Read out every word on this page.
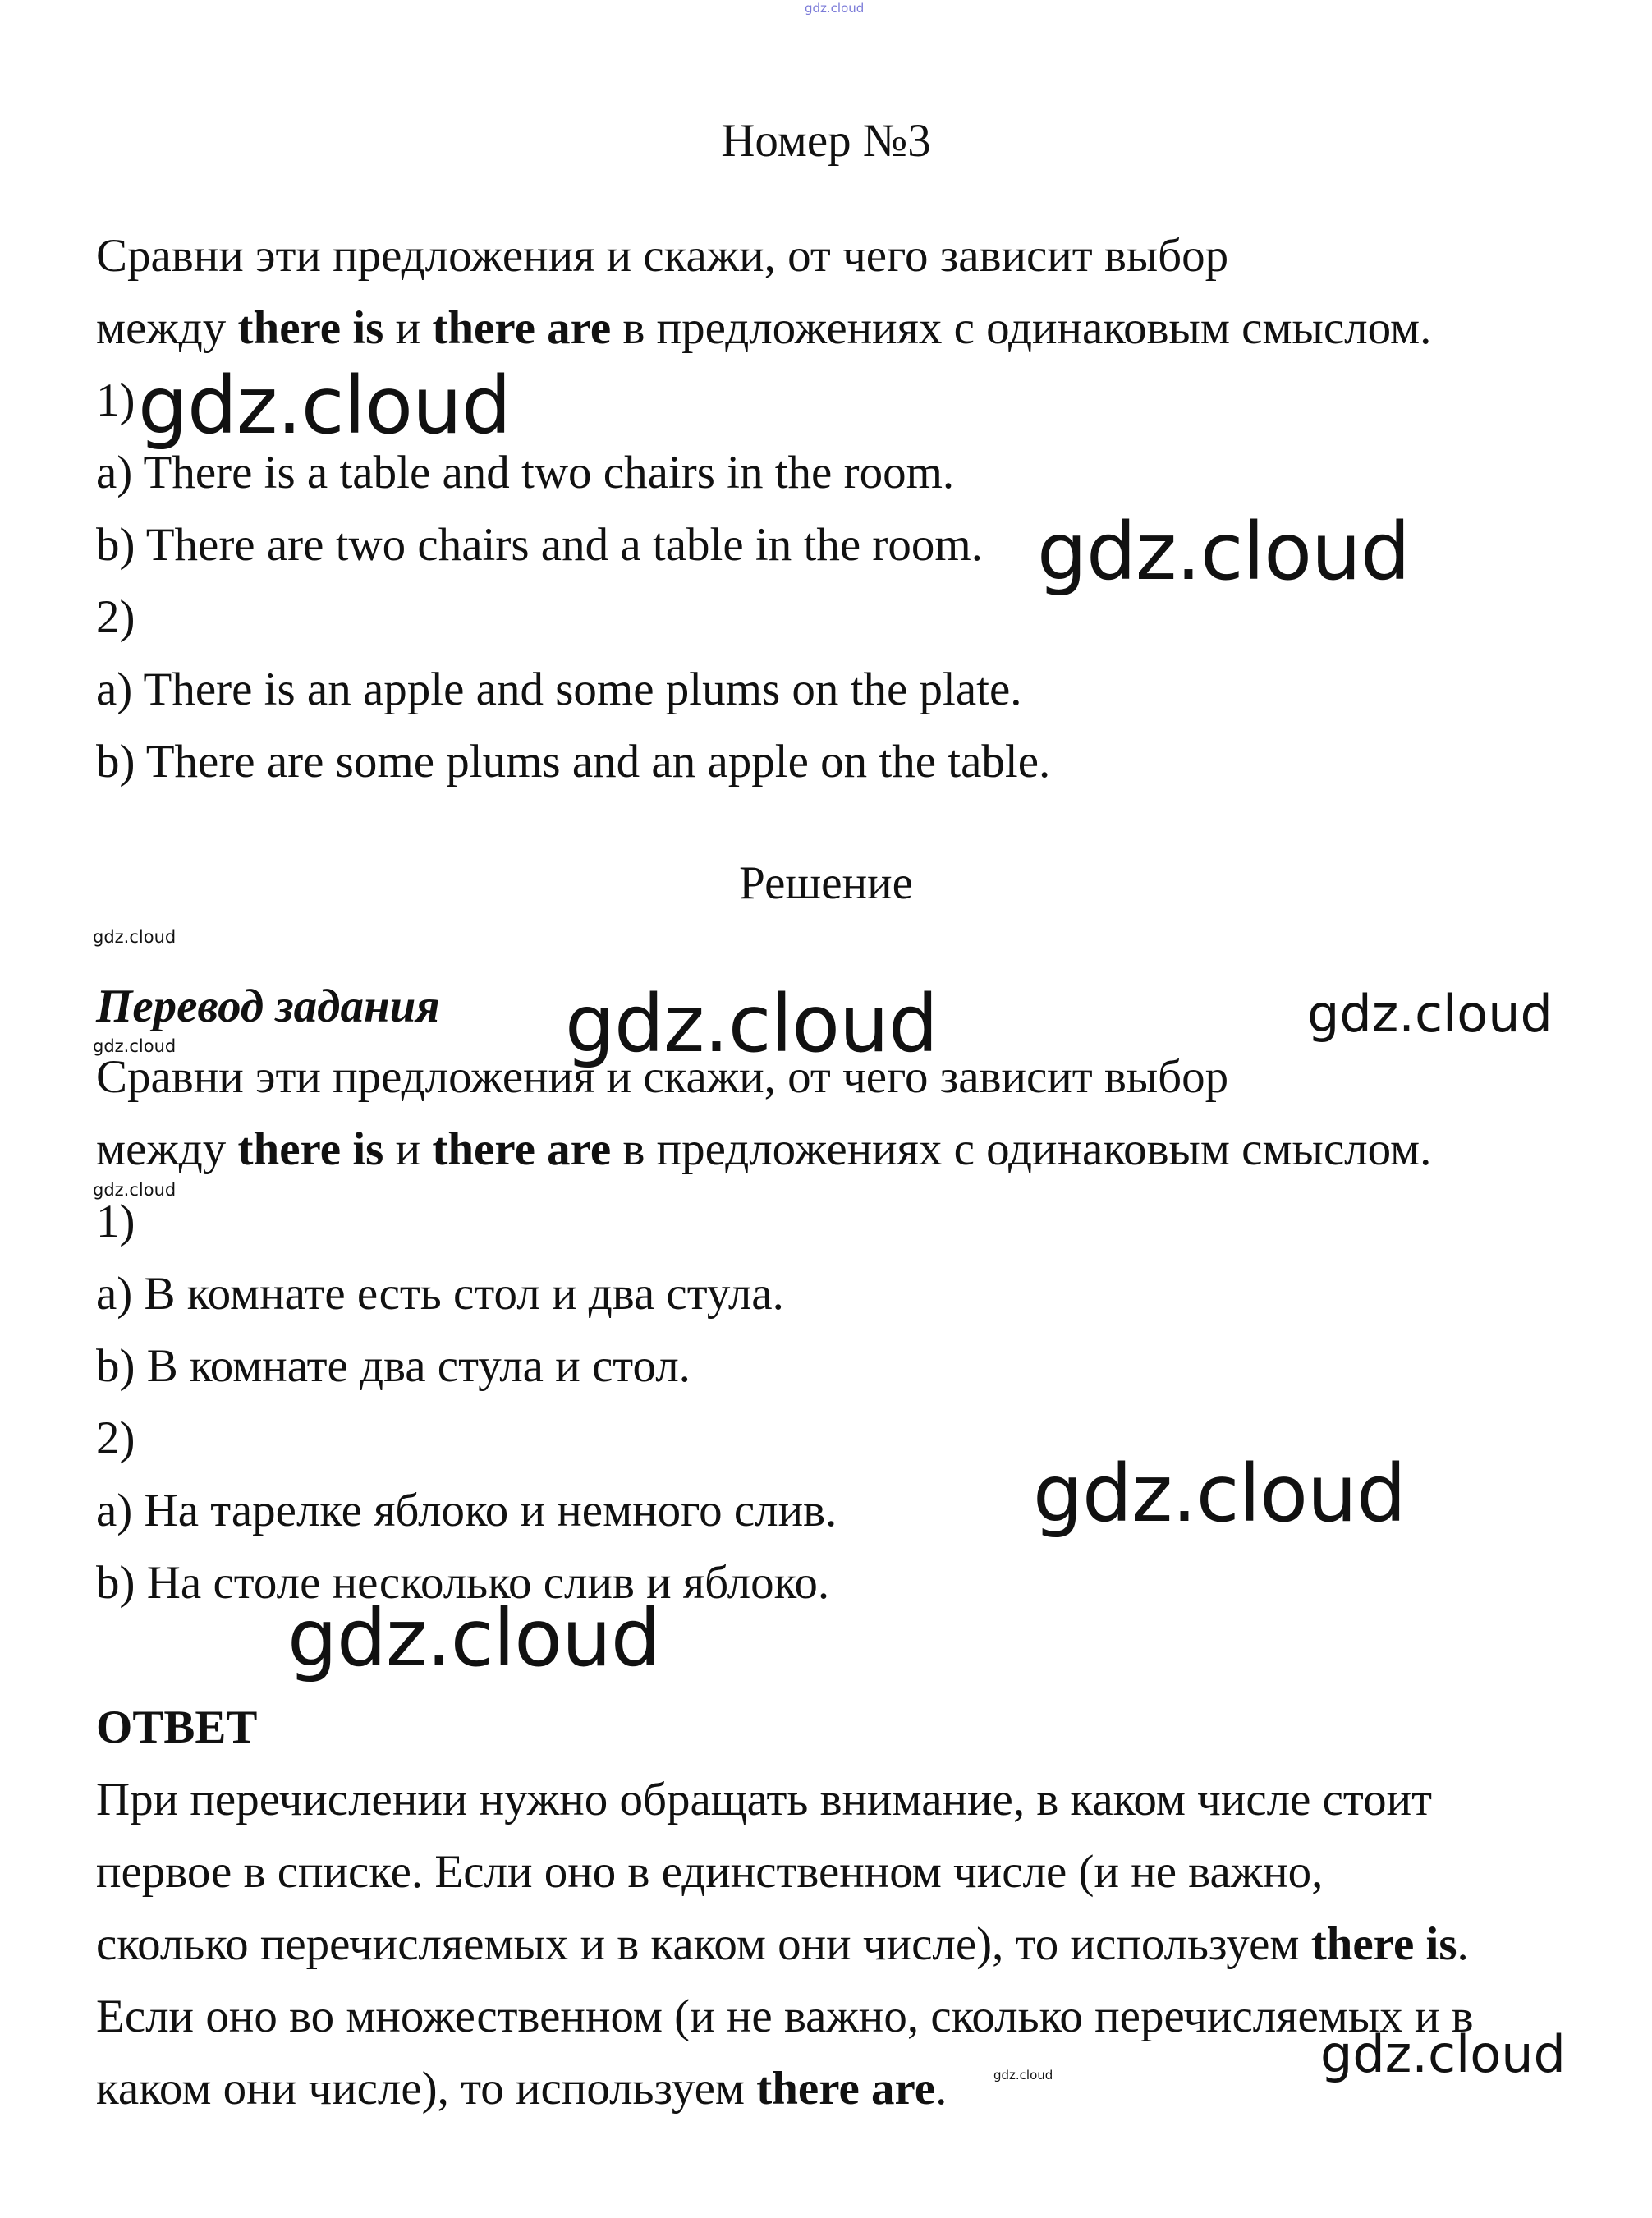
gdz.cloud

Номер №3

Сравни эти предложения и скажи, от чего зависит выбор

между there is и there are в предложениях с одинаковым смыслом.

1)

a) There is a table and two chairs in the room.

b) There are two chairs and a table in the room.

2)

a) There is an apple and some plums on the plate.

b) There are some plums and an apple on the table.

Решение

Перевод задания

Сравни эти предложения и скажи, от чего зависит выбор

между there is и there are в предложениях с одинаковым смыслом.

1)

a) В комнате есть стол и два стула.

b) В комнате два стула и стол.

2)

a) На тарелке яблоко и немного слив.

b) На столе несколько слив и яблоко.

ОТВЕТ

При перечислении нужно обращать внимание, в каком числе стоит

первое в списке. Если оно в единственном числе (и не важно,

сколько перечисляемых и в каком они числе), то используем there is.

Если оно во множественном (и не важно, сколько перечисляемых и в

каком они числе), то используем there are.

gdz.cloud
gdz.cloud
gdz.cloud
gdz.cloud	gdz.cloud
gdz.cloud
gdz.cloud
gdz.cloud
gdz.cloud
gdz.cloud
gdz.cloud
